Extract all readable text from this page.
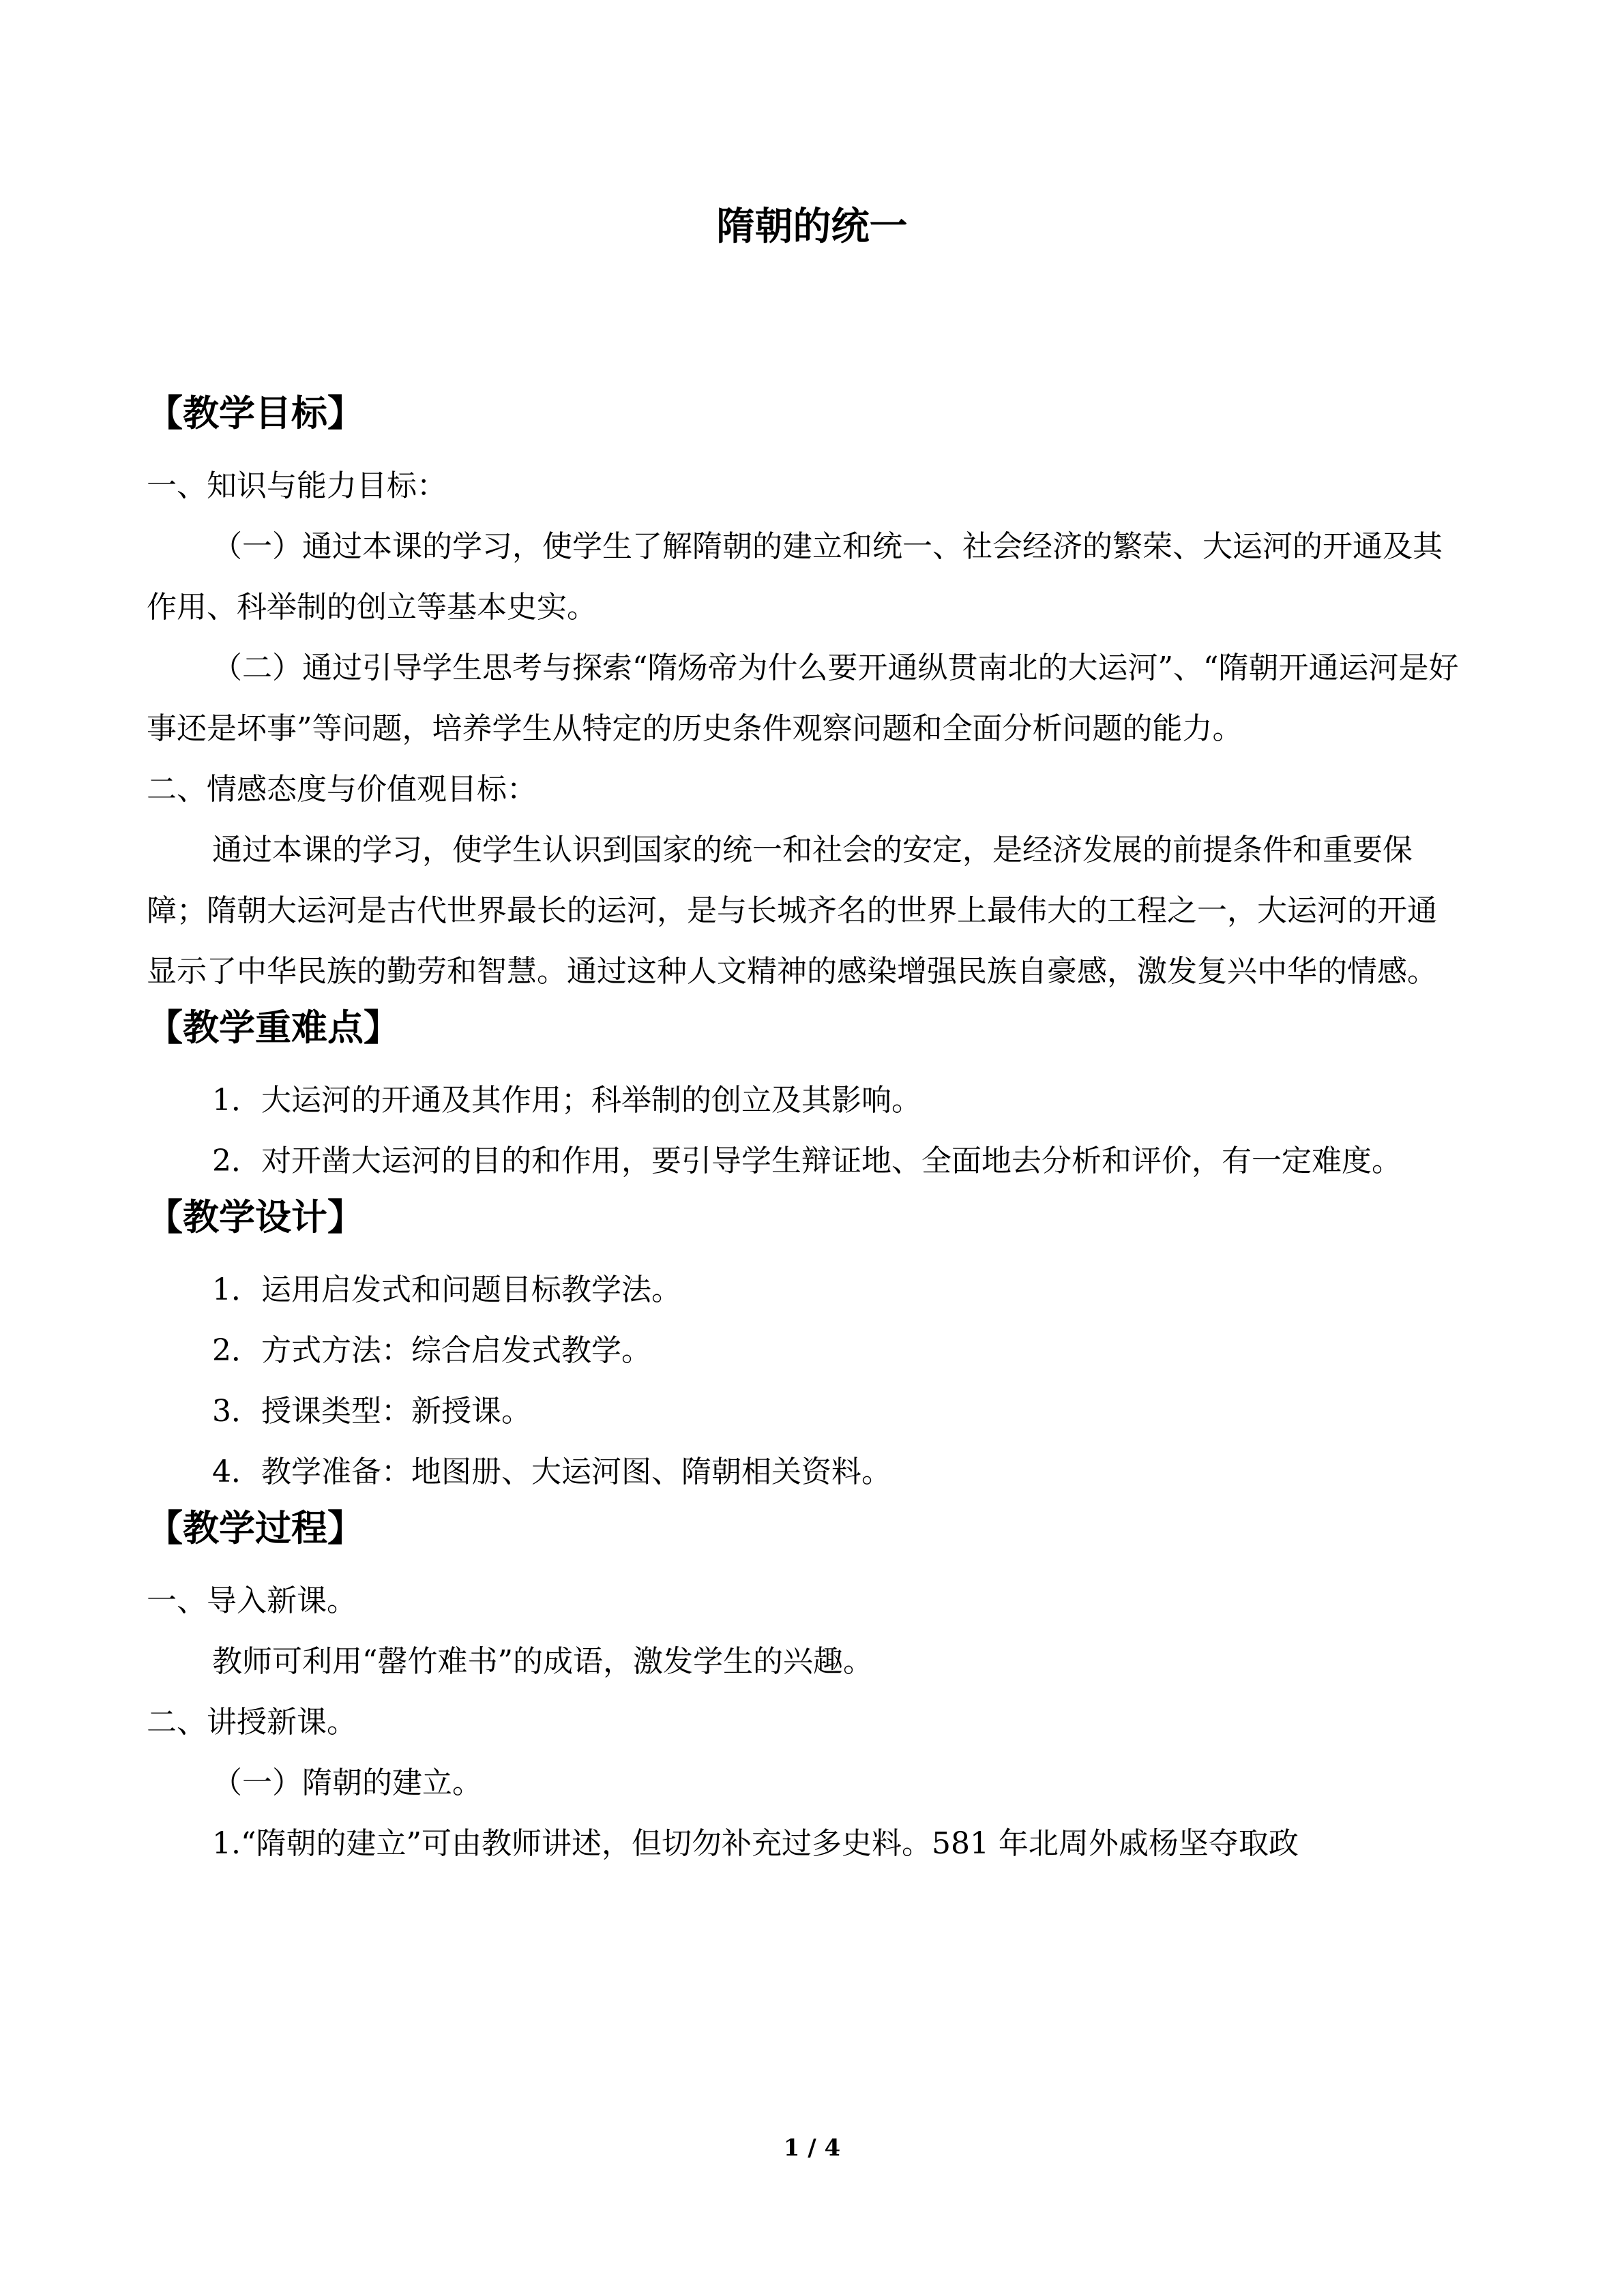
隋朝的统一
【教学目标】
一、知识与能力目标：
（一）通过本课的学习，使学生了解隋朝的建立和统一、社会经济的繁荣、大运河的开通及其作用、科举制的创立等基本史实。
（二）通过引导学生思考与探索“隋炀帝为什么要开通纵贯南北的大运河”、“隋朝开通运河是好事还是坏事”等问题，培养学生从特定的历史条件观察问题和全面分析问题的能力。
二、情感态度与价值观目标：
通过本课的学习，使学生认识到国家的统一和社会的安定，是经济发展的前提条件和重要保障；隋朝大运河是古代世界最长的运河，是与长城齐名的世界上最伟大的工程之一，大运河的开通显示了中华民族的勤劳和智慧。通过这种人文精神的感染增强民族自豪感，激发复兴中华的情感。
【教学重难点】
1．大运河的开通及其作用；科举制的创立及其影响。
2．对开凿大运河的目的和作用，要引导学生辩证地、全面地去分析和评价，有一定难度。
【教学设计】
1．运用启发式和问题目标教学法。
2．方式方法：综合启发式教学。
3．授课类型：新授课。
4．教学准备：地图册、大运河图、隋朝相关资料。
【教学过程】
一、导入新课。
教师可利用“罄竹难书”的成语，激发学生的兴趣。
二、讲授新课。
（一）隋朝的建立。
1.“隋朝的建立”可由教师讲述，但切勿补充过多史料。581 年北周外戚杨坚夺取政
1 / 4
